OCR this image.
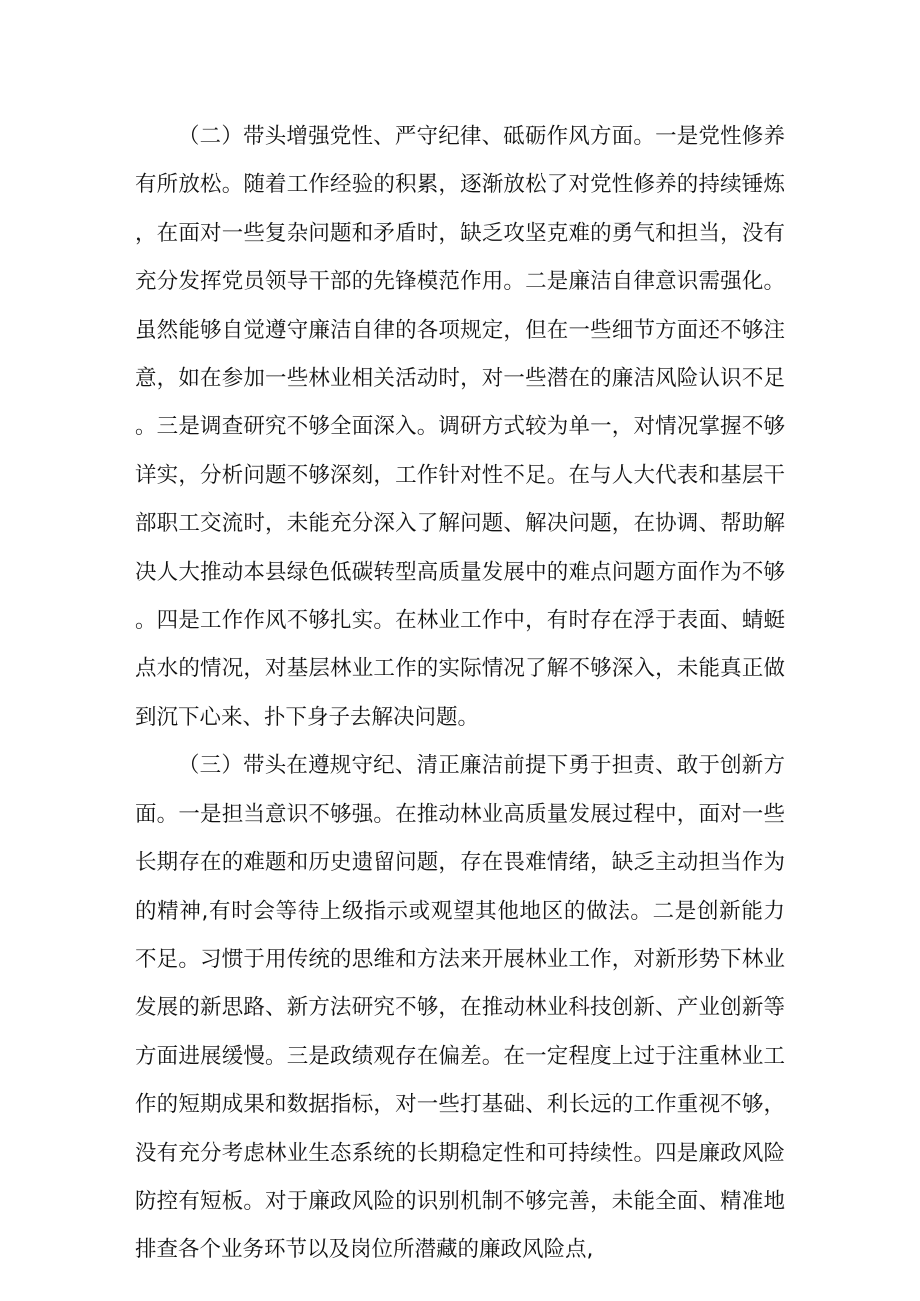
（二）带头增强党性、严守纪律、砥砺作风方面。一是党性修养有所放松。随着工作经验的积累，逐渐放松了对党性修养的持续锤炼，在面对一些复杂问题和矛盾时，缺乏攻坚克难的勇气和担当，没有充分发挥党员领导干部的先锋模范作用。二是廉洁自律意识需强化。虽然能够自觉遵守廉洁自律的各项规定，但在一些细节方面还不够注意，如在参加一些林业相关活动时，对一些潜在的廉洁风险认识不足。三是调查研究不够全面深入。调研方式较为单一，对情况掌握不够详实，分析问题不够深刻，工作针对性不足。在与人大代表和基层干部职工交流时，未能充分深入了解问题、解决问题，在协调、帮助解决人大推动本县绿色低碳转型高质量发展中的难点问题方面作为不够。四是工作作风不够扎实。在林业工作中，有时存在浮于表面、蜻蜓点水的情况，对基层林业工作的实际情况了解不够深入，未能真正做到沉下心来、扑下身子去解决问题。

（三）带头在遵规守纪、清正廉洁前提下勇于担责、敢于创新方面。一是担当意识不够强。在推动林业高质量发展过程中，面对一些长期存在的难题和历史遗留问题，存在畏难情绪，缺乏主动担当作为的精神,有时会等待上级指示或观望其他地区的做法。二是创新能力不足。习惯于用传统的思维和方法来开展林业工作，对新形势下林业发展的新思路、新方法研究不够，在推动林业科技创新、产业创新等方面进展缓慢。三是政绩观存在偏差。在一定程度上过于注重林业工作的短期成果和数据指标，对一些打基础、利长远的工作重视不够，没有充分考虑林业生态系统的长期稳定性和可持续性。四是廉政风险防控有短板。对于廉政风险的识别机制不够完善，未能全面、精准地排查各个业务环节以及岗位所潜藏的廉政风险点,
